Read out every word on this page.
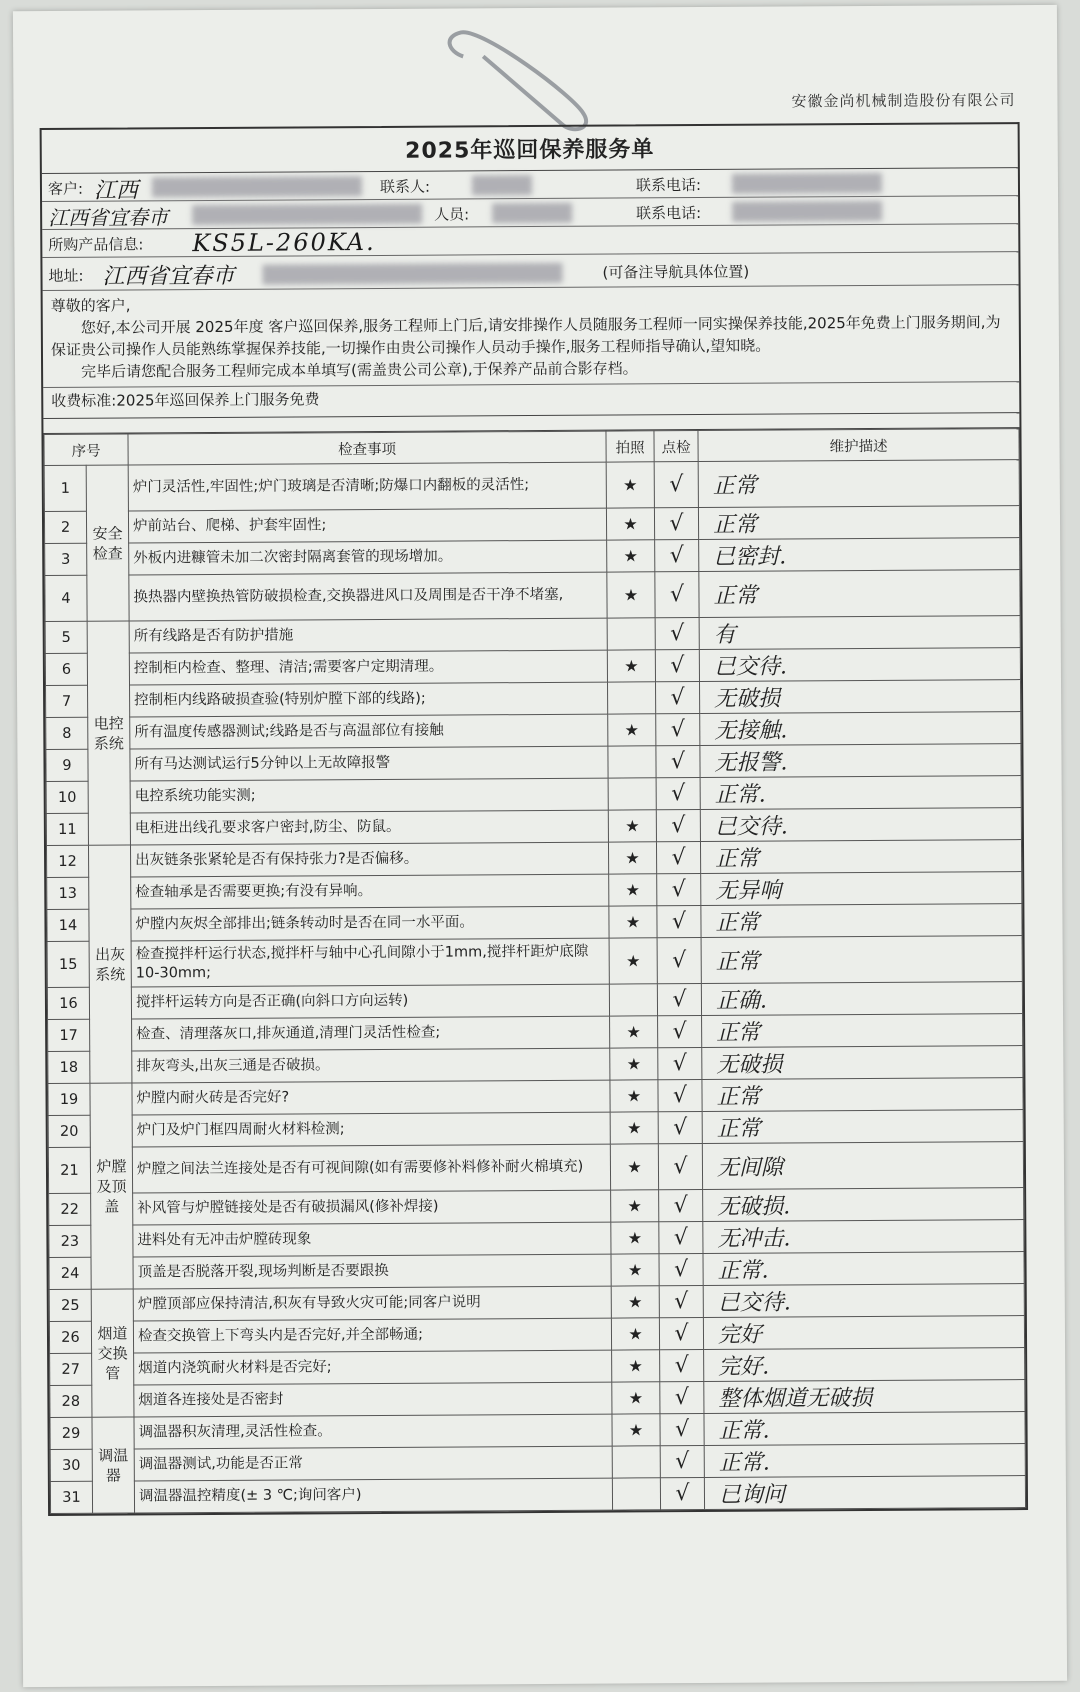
安徽金尚机械制造股份有限公司
2025年巡回保养服务单
客户: 江西	联系人:	联系电话:
江西省宜春市	人员:	联系电话:
所购产品信息: KS5L-260KA.
地址: 江西省宜春市	(可备注导航具体位置)

尊敬的客户,

您好,本公司开展 2025年度 客户巡回保养,服务工程师上门后,请安排操作人员随服务工程师一同实操保养技能,2025年免费上门服务期间,为保证贵公司操作人员能熟练掌握保养技能,一切操作由贵公司操作人员动手操作,服务工程师指导确认,望知晓。

完毕后请您配合服务工程师完成本单填写(需盖贵公司公章),于保养产品前合影存档。

收费标准:2025年巡回保养上门服务免费
序号		检查事项	拍照	点检	维护描述
1	安全检查	炉门灵活性,牢固性;炉门玻璃是否清晰;防爆口内翻板的灵活性;	★	√	正常
2		炉前站台、爬梯、护套牢固性;	★	√	正常
3		外板内进糠管未加二次密封隔离套管的现场增加。	★	√	已密封.
4		换热器内壁换热管防破损检查,交换器进风口及周围是否干净不堵塞,	★	√	正常
5	电控系统	所有线路是否有防护措施		√	有
6		控制柜内检查、整理、清洁;需要客户定期清理。	★	√	已交待.
7		控制柜内线路破损查验(特别炉膛下部的线路);		√	无破损
8		所有温度传感器测试;线路是否与高温部位有接触	★	√	无接触.
9		所有马达测试运行5分钟以上无故障报警		√	无报警.
10		电控系统功能实测;		√	正常.
11		电柜进出线孔要求客户密封,防尘、防鼠。	★	√	已交待.
12	出灰系统	出灰链条张紧轮是否有保持张力?是否偏移。	★	√	正常
13		检查轴承是否需要更换;有没有异响。	★	√	无异响
14		炉膛内灰烬全部排出;链条转动时是否在同一水平面。	★	√	正常
15		检查搅拌杆运行状态,搅拌杆与轴中心孔间隙小于1mm,搅拌杆距炉底隙10-30mm;	★	√	正常
16		搅拌杆运转方向是否正确(向斜口方向运转)		√	正确.
17		检查、清理落灰口,排灰通道,清理门灵活性检查;	★	√	正常
18		排灰弯头,出灰三通是否破损。	★	√	无破损
19	炉膛及顶盖	炉膛内耐火砖是否完好?	★	√	正常
20		炉门及炉门框四周耐火材料检测;	★	√	正常
21		炉膛之间法兰连接处是否有可视间隙(如有需要修补料修补耐火棉填充)	★	√	无间隙
22		补风管与炉膛链接处是否有破损漏风(修补焊接)	★	√	无破损.
23		进料处有无冲击炉膛砖现象	★	√	无冲击.
24		顶盖是否脱落开裂,现场判断是否要跟换	★	√	正常.
25	烟道交换管	炉膛顶部应保持清洁,积灰有导致火灾可能;同客户说明	★	√	已交待.
26		检查交换管上下弯头内是否完好,并全部畅通;	★	√	完好
27		烟道内浇筑耐火材料是否完好;	★	√	完好.
28		烟道各连接处是否密封	★	√	整体烟道无破损
29	调温器	调温器积灰清理,灵活性检查。	★	√	正常.
30		调温器测试,功能是否正常		√	正常.
31		调温器温控精度(± 3 ℃;询问客户)		√	已询问
